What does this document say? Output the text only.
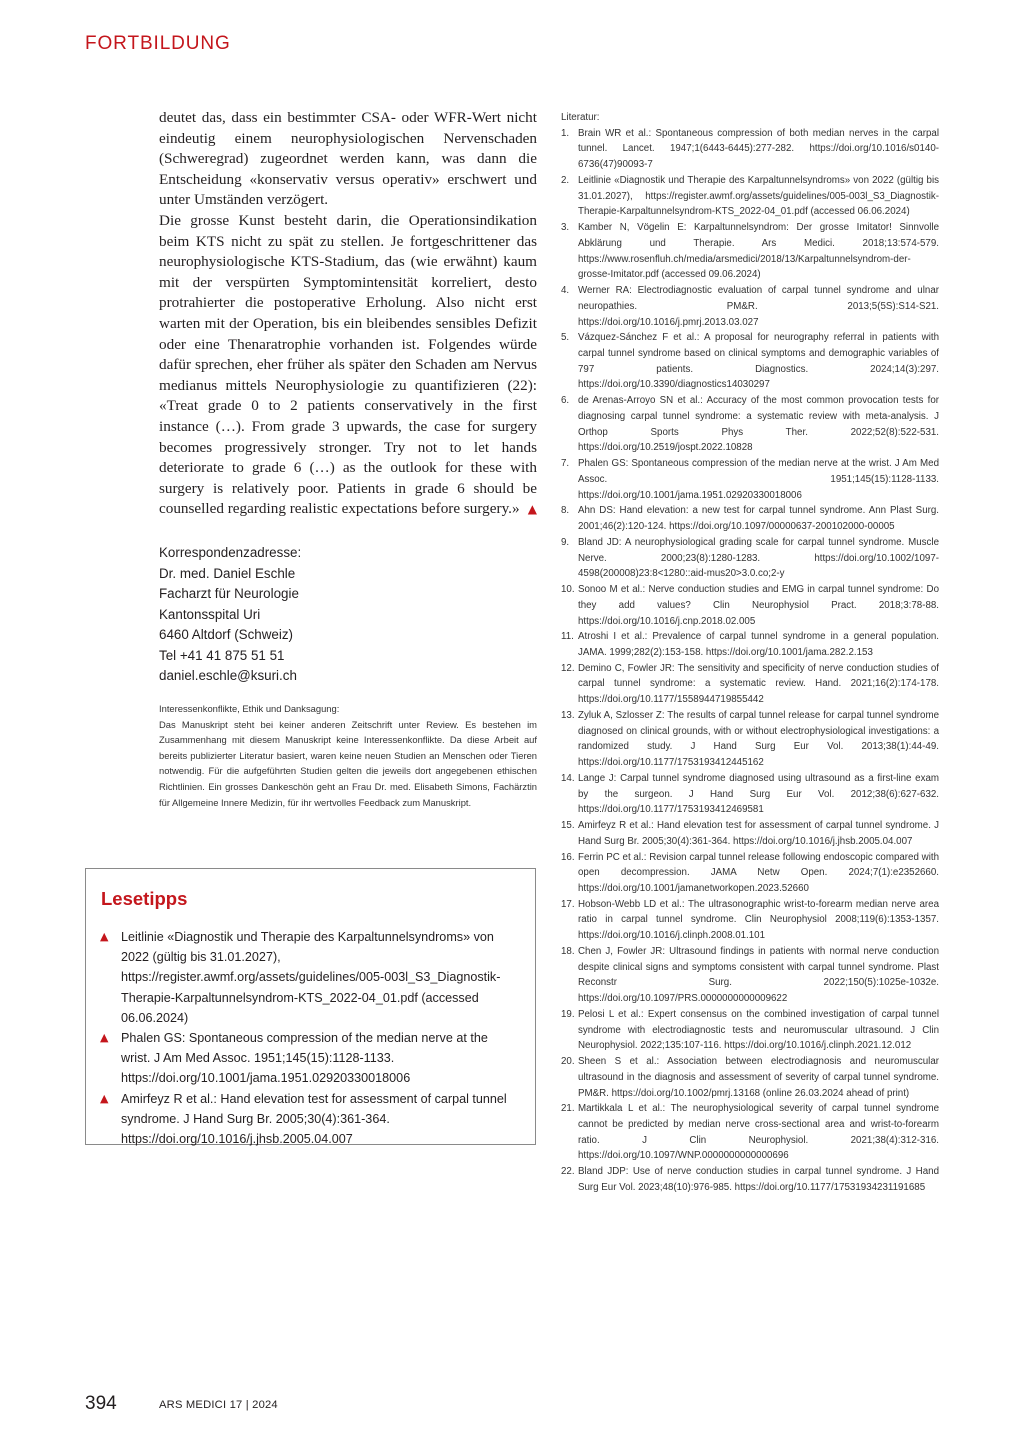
FORTBILDUNG

deutet das, dass ein bestimmter CSA- oder WFR-Wert nicht eindeutig einem neurophysiologischen Nervenschaden (Schweregrad) zugeordnet werden kann, was dann die Entscheidung «konservativ versus operativ» erschwert und unter Umständen verzögert.

Die grosse Kunst besteht darin, die Operationsindikation beim KTS nicht zu spät zu stellen. Je fortgeschrittener das neurophysiologische KTS-Stadium, das (wie erwähnt) kaum mit der verspürten Symptomintensität korreliert, desto protrahierter die postoperative Erholung. Also nicht erst warten mit der Operation, bis ein bleibendes sensibles Defizit oder eine Thenaratrophie vorhanden ist. Folgendes würde dafür sprechen, eher früher als später den Schaden am Nervus medianus mittels Neurophysiologie zu quantifizieren (22): «Treat grade 0 to 2 patients conservatively in the first instance (…). From grade 3 upwards, the case for surgery becomes progressively stronger. Try not to let hands deteriorate to grade 6 (…) as the outlook for these with surgery is relatively poor. Patients in grade 6 should be counselled regarding realistic expectations before surgery.» ▲

Korrespondenzadresse:
Dr. med. Daniel Eschle
Facharzt für Neurologie
Kantonsspital Uri
6460 Altdorf (Schweiz)
Tel +41 41 875 51 51
daniel.eschle@ksuri.ch

Interessenkonflikte, Ethik und Danksagung:

Das Manuskript steht bei keiner anderen Zeitschrift unter Review. Es bestehen im Zusammenhang mit diesem Manuskript keine Interessenkonflikte. Da diese Arbeit auf bereits publizierter Literatur basiert, waren keine neuen Studien an Menschen oder Tieren notwendig. Für die aufgeführten Studien gelten die jeweils dort angegebenen ethischen Richtlinien. Ein grosses Dankeschön geht an Frau Dr. med. Elisabeth Simons, Fachärztin für Allgemeine Innere Medizin, für ihr wertvolles Feedback zum Manuskript.

Lesetipps
▲ Leitlinie «Diagnostik und Therapie des Karpaltunnelsyndroms» von 2022 (gültig bis 31.01.2027), https://register.awmf.org/assets/guidelines/005-003l_S3_Diagnostik-Therapie-Karpaltunnelsyndrom-KTS_2022-04_01.pdf (accessed 06.06.2024)
▲ Phalen GS: Spontaneous compression of the median nerve at the wrist. J Am Med Assoc. 1951;145(15):1128-1133. https://doi.org/10.1001/jama.1951.02920330018006
▲ Amirfeyz R et al.: Hand elevation test for assessment of carpal tunnel syndrome. J Hand Surg Br. 2005;30(4):361-364. https://doi.org/10.1016/j.jhsb.2005.04.007

Literatur:

1. Brain WR et al.: Spontaneous compression of both median nerves in the carpal tunnel. Lancet. 1947;1(6443-6445):277-282. https://doi.org/10.1016/s0140-6736(47)90093-7
2. Leitlinie «Diagnostik und Therapie des Karpaltunnelsyndroms» von 2022 (gültig bis 31.01.2027), https://register.awmf.org/assets/guidelines/005-003l_S3_Diagnostik-Therapie-Karpaltunnelsyndrom-KTS_2022-04_01.pdf (accessed 06.06.2024)
3. Kamber N, Vögelin E: Karpaltunnelsyndrom: Der grosse Imitator! Sinnvolle Abklärung und Therapie. Ars Medici. 2018;13:574-579. https://www.rosenfluh.ch/media/arsmedici/2018/13/Karpaltunnelsyndrom-der-grosse-Imitator.pdf (accessed 09.06.2024)
4. Werner RA: Electrodiagnostic evaluation of carpal tunnel syndrome and ulnar neuropathies. PM&R. 2013;5(5S):S14-S21. https://doi.org/10.1016/j.pmrj.2013.03.027
5. Vázquez-Sánchez F et al.: A proposal for neurography referral in patients with carpal tunnel syndrome based on clinical symptoms and demographic variables of 797 patients. Diagnostics. 2024;14(3):297. https://doi.org/10.3390/diagnostics14030297
6. de Arenas-Arroyo SN et al.: Accuracy of the most common provocation tests for diagnosing carpal tunnel syndrome: a systematic review with meta-analysis. J Orthop Sports Phys Ther. 2022;52(8):522-531. https://doi.org/10.2519/jospt.2022.10828
7. Phalen GS: Spontaneous compression of the median nerve at the wrist. J Am Med Assoc. 1951;145(15):1128-1133. https://doi.org/10.1001/jama.1951.02920330018006
8. Ahn DS: Hand elevation: a new test for carpal tunnel syndrome. Ann Plast Surg. 2001;46(2):120-124. https://doi.org/10.1097/00000637-200102000-00005
9. Bland JD: A neurophysiological grading scale for carpal tunnel syndrome. Muscle Nerve. 2000;23(8):1280-1283. https://doi.org/10.1002/1097-4598(200008)23:8<1280::aid-mus20>3.0.co;2-y
10. Sonoo M et al.: Nerve conduction studies and EMG in carpal tunnel syndrome: Do they add values? Clin Neurophysiol Pract. 2018;3:78-88. https://doi.org/10.1016/j.cnp.2018.02.005
11. Atroshi I et al.: Prevalence of carpal tunnel syndrome in a general population. JAMA. 1999;282(2):153-158. https://doi.org/10.1001/jama.282.2.153
12. Demino C, Fowler JR: The sensitivity and specificity of nerve conduction studies of carpal tunnel syndrome: a systematic review. Hand. 2021;16(2):174-178. https://doi.org/10.1177/1558944719855442
13. Zyluk A, Szlosser Z: The results of carpal tunnel release for carpal tunnel syndrome diagnosed on clinical grounds, with or without electrophysiological investigations: a randomized study. J Hand Surg Eur Vol. 2013;38(1):44-49. https://doi.org/10.1177/1753193412445162
14. Lange J: Carpal tunnel syndrome diagnosed using ultrasound as a first-line exam by the surgeon. J Hand Surg Eur Vol. 2012;38(6):627-632. https://doi.org/10.1177/1753193412469581
15. Amirfeyz R et al.: Hand elevation test for assessment of carpal tunnel syndrome. J Hand Surg Br. 2005;30(4):361-364. https://doi.org/10.1016/j.jhsb.2005.04.007
16. Ferrin PC et al.: Revision carpal tunnel release following endoscopic compared with open decompression. JAMA Netw Open. 2024;7(1):e2352660. https://doi.org/10.1001/jamanetworkopen.2023.52660
17. Hobson-Webb LD et al.: The ultrasonographic wrist-to-forearm median nerve area ratio in carpal tunnel syndrome. Clin Neurophysiol 2008;119(6):1353-1357. https://doi.org/10.1016/j.clinph.2008.01.101
18. Chen J, Fowler JR: Ultrasound findings in patients with normal nerve conduction despite clinical signs and symptoms consistent with carpal tunnel syndrome. Plast Reconstr Surg. 2022;150(5):1025e-1032e. https://doi.org/10.1097/PRS.0000000000009622
19. Pelosi L et al.: Expert consensus on the combined investigation of carpal tunnel syndrome with electrodiagnostic tests and neuromuscular ultrasound. J Clin Neurophysiol. 2022;135:107-116. https://doi.org/10.1016/j.clinph.2021.12.012
20. Sheen S et al.: Association between electrodiagnosis and neuromuscular ultrasound in the diagnosis and assessment of severity of carpal tunnel syndrome. PM&R. https://doi.org/10.1002/pmrj.13168 (online 26.03.2024 ahead of print)
21. Martikkala L et al.: The neurophysiological severity of carpal tunnel syndrome cannot be predicted by median nerve cross-sectional area and wrist-to-forearm ratio. J Clin Neurophysiol. 2021;38(4):312-316. https://doi.org/10.1097/WNP.0000000000000696
22. Bland JDP: Use of nerve conduction studies in carpal tunnel syndrome. J Hand Surg Eur Vol. 2023;48(10):976-985. https://doi.org/10.1177/17531934231191685
394	ARS MEDICI 17 | 2024
